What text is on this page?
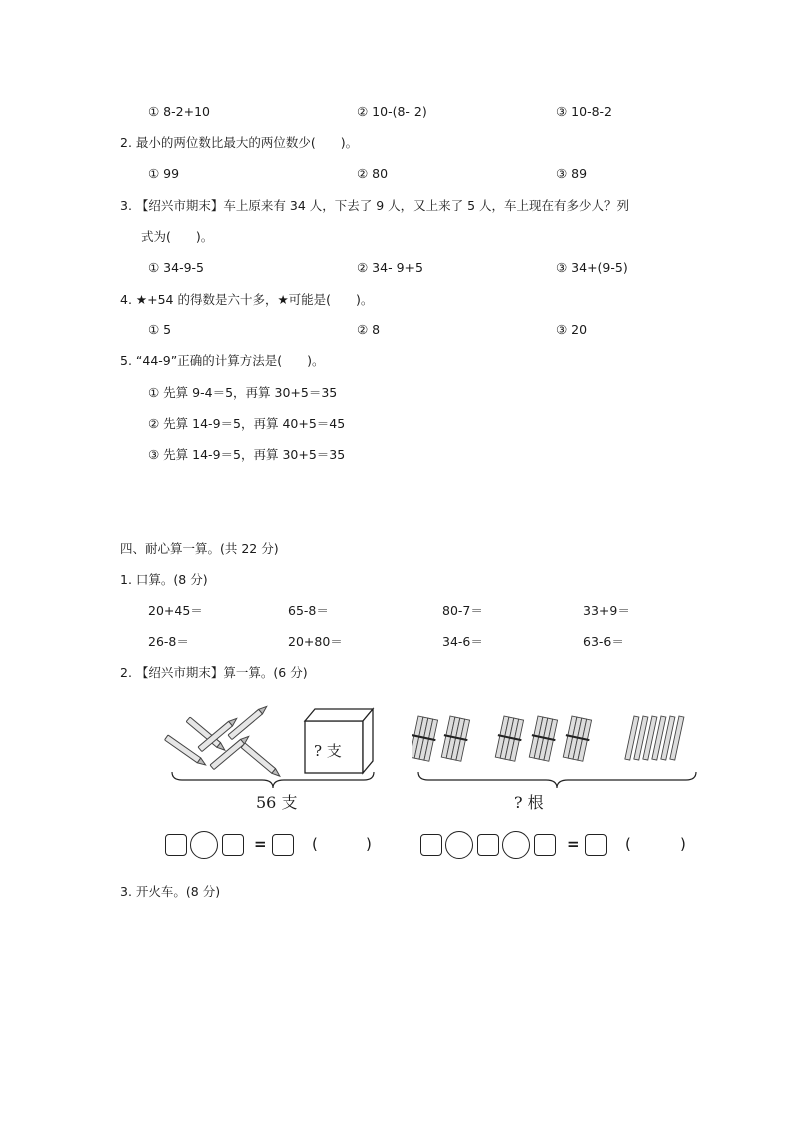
① 8-2+10	② 10-(8- 2)	③ 10-8-2
2. 最小的两位数比最大的两位数少(　　)。
① 99	② 80	③ 89
3. 【绍兴市期末】车上原来有 34 人，下去了 9 人，又上来了 5 人，车上现在有多少人？列
式为(　　)。
① 34-9-5	② 34- 9+5	③ 34+(9-5)
4. ★+54 的得数是六十多，★可能是(　　)。
① 5	② 8	③ 20
5. “44-9”正确的计算方法是(　　)。
① 先算 9-4＝5，再算 30+5＝35
② 先算 14-9＝5，再算 40+5＝45
③ 先算 14-9＝5，再算 30+5＝35
四、耐心算一算。(共 22 分)
1. 口算。(8 分)
20+45＝	65-8＝	80-7＝	33+9＝
26-8＝	20+80＝	34-6＝	63-6＝
2. 【绍兴市期末】算一算。(6 分)
? 支
56 支	? 根
=	(	)	=	(	)
3. 开火车。(8 分)
